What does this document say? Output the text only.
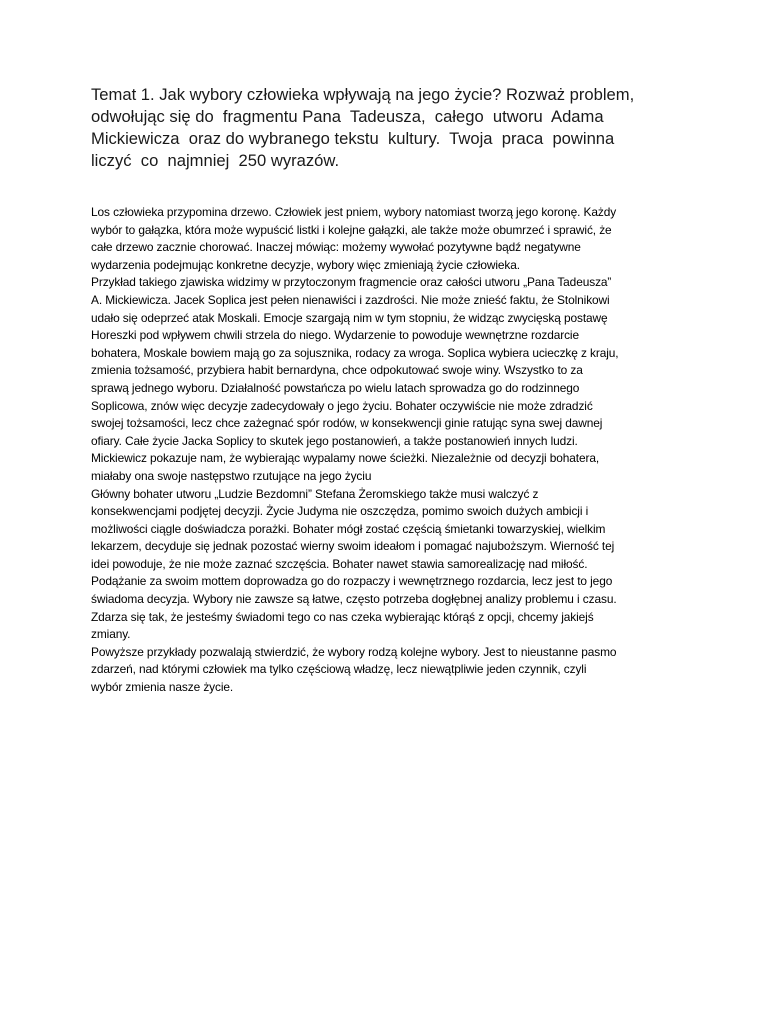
Temat 1. Jak wybory człowieka wpływają na jego życie? Rozważ problem,
odwołując się do  fragmentu Pana  Tadeusza,  całego  utworu  Adama
Mickiewicza  oraz do wybranego tekstu  kultury.  Twoja  praca  powinna
liczyć  co  najmniej  250 wyrazów.
Los człowieka przypomina drzewo. Człowiek jest pniem, wybory natomiast tworzą jego koronę. Każdy
wybór to gałązka, która może wypuścić listki i kolejne gałązki, ale także może obumrzeć i sprawić, że
całe drzewo zacznie chorować. Inaczej mówiąc: możemy wywołać pozytywne bądź negatywne
wydarzenia podejmując konkretne decyzje, wybory więc zmieniają życie człowieka.
Przykład takiego zjawiska widzimy w przytoczonym fragmencie oraz całości utworu „Pana Tadeusza”
A. Mickiewicza. Jacek Soplica jest pełen nienawiści i zazdrości. Nie może znieść faktu, że Stolnikowi
udało się odeprzeć atak Moskali. Emocje szargają nim w tym stopniu, że widząc zwycięską postawę
Horeszki pod wpływem chwili strzela do niego. Wydarzenie to powoduje wewnętrzne rozdarcie
bohatera, Moskale bowiem mają go za sojusznika, rodacy za wroga. Soplica wybiera ucieczkę z kraju,
zmienia tożsamość, przybiera habit bernardyna, chce odpokutować swoje winy. Wszystko to za
sprawą jednego wyboru. Działalność powstańcza po wielu latach sprowadza go do rodzinnego
Soplicowa, znów więc decyzje zadecydowały o jego życiu. Bohater oczywiście nie może zdradzić
swojej tożsamości, lecz chce zażegnać spór rodów, w konsekwencji ginie ratując syna swej dawnej
ofiary. Całe życie Jacka Soplicy to skutek jego postanowień, a także postanowień innych ludzi.
Mickiewicz pokazuje nam, że wybierając wypalamy nowe ścieżki. Niezależnie od decyzji bohatera,
miałaby ona swoje następstwo rzutujące na jego życiu
Główny bohater utworu „Ludzie Bezdomni” Stefana Żeromskiego także musi walczyć z
konsekwencjami podjętej decyzji. Życie Judyma nie oszczędza, pomimo swoich dużych ambicji i
możliwości ciągle doświadcza porażki. Bohater mógł zostać częścią śmietanki towarzyskiej, wielkim
lekarzem, decyduje się jednak pozostać wierny swoim ideałom i pomagać najuboższym. Wierność tej
idei powoduje, że nie może zaznać szczęścia. Bohater nawet stawia samorealizację nad miłość.
Podążanie za swoim mottem doprowadza go do rozpaczy i wewnętrznego rozdarcia, lecz jest to jego
świadoma decyzja. Wybory nie zawsze są łatwe, często potrzeba dogłębnej analizy problemu i czasu.
Zdarza się tak, że jesteśmy świadomi tego co nas czeka wybierając którąś z opcji, chcemy jakiejś
zmiany.
Powyższe przykłady pozwalają stwierdzić, że wybory rodzą kolejne wybory. Jest to nieustanne pasmo
zdarzeń, nad którymi człowiek ma tylko częściową władzę, lecz niewątpliwie jeden czynnik, czyli
wybór zmienia nasze życie.
